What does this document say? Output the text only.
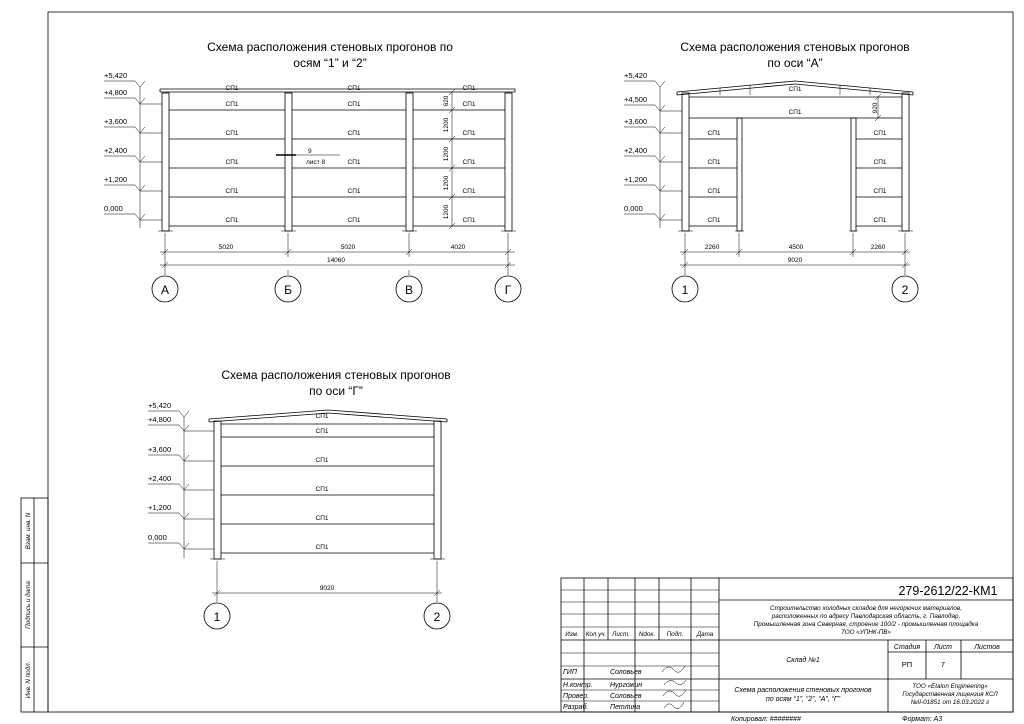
Взам. инв. N
Подпись и дата
Инв. N подл.
Схема расположения стеновых прогонов по
осям “1” и “2”
+5,420
+4,800
+3,600
+2,400
+1,200
0,000
СП1	СП1	СП1
СП1	СП1	СП1
СП1	СП1	СП1
СП1	СП1	СП1
СП1	СП1	СП1
СП1	СП1	СП1
620
1200
1200
1200
1200
9
лист 8
5020	5020	4020
14060
А	Б	В	Г
Схема расположения стеновых прогонов
по оси “А”
+5,420
+4,500
+3,600
+2,400
+1,200
0,000
СП1
СП1
СП1	СП1
СП1	СП1
СП1	СП1
СП1	СП1
920
2260	4500	2260
9020
1	2
Схема расположения стеновых прогонов
по оси “Г”
+5,420
+4,800
+3,600
+2,400
+1,200
0,000
СП1
СП1
СП1
СП1
СП1
СП1
9020
1	2
279-2612/22-КМ1
Строительство холодных складов для негорючих материалов,
расположенных по адресу Павлодарская область, г. Павлодар,
Промышленная зона Северная, строение 100/2 - промышленная площадка
ТОО «УПНК-ПВ»
Изм. Кол.уч. Лист. Ndок. Подп. Дата
ГИП	Соловьев
Н.контр. Нургожин
Провер.	Соловьев
Разраб.	Петлина
Склад №1
Стадия Лист	Листов
РП	7
Схема расположения стеновых прогонов
по осям “1”, “2”, “А”, “Г”
ТОО «Etalon Engineering»
Государственная лицензия КСЛ
№II-01851 от 16.03.2022 г
Копировал: ########	Формат: А3
